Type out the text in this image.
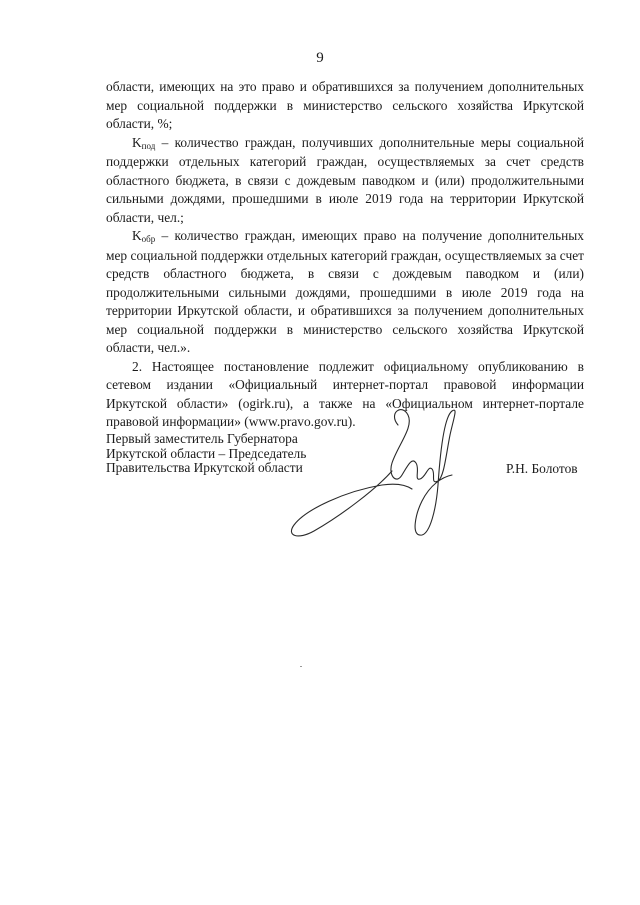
9

области, имеющих на это право и обратившихся за получением дополнительных мер социальной поддержки в министерство сельского хозяйства Иркутской области, %;

$K_{под}$ – количество граждан, получивших дополнительные меры социальной поддержки отдельных категорий граждан, осуществляемых за счет средств областного бюджета, в связи с дождевым паводком и (или) продолжительными сильными дождями, прошедшими в июле 2019 года на территории Иркутской области, чел.;

$K_{обр}$ – количество граждан, имеющих право на получение дополнительных мер социальной поддержки отдельных категорий граждан, осуществляемых за счет средств областного бюджета, в связи с дождевым паводком и (или) продолжительными сильными дождями, прошедшими в июле 2019 года на территории Иркутской области, и обратившихся за получением дополнительных мер социальной поддержки в министерство сельского хозяйства Иркутской области, чел.».

2. Настоящее постановление подлежит официальному опубликованию в сетевом издании «Официальный интернет-портал правовой информации Иркутской области» (ogirk.ru), а также на «Официальном интернет-портале правовой информации» (www.pravo.gov.ru).

Первый заместитель Губернатора
Иркутской области – Председатель
Правительства Иркутской области	Р.Н. Болотов
